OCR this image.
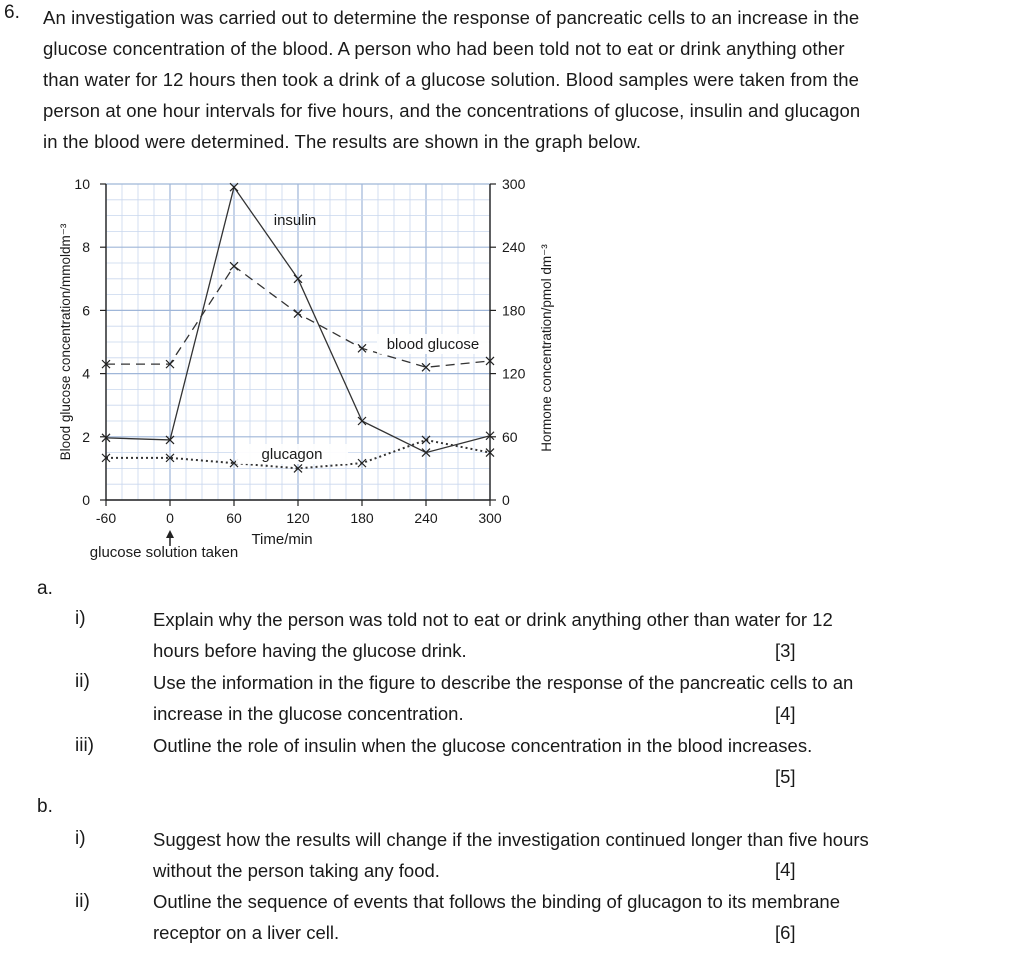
6. An investigation was carried out to determine the response of pancreatic cells to an increase in the

glucose concentration of the blood. A person who had been told not to eat or drink anything other

than water for 12 hours then took a drink of a glucose solution. Blood samples were taken from the

person at one hour intervals for five hours, and the concentrations of glucose, insulin and glucagon

in the blood were determined. The results are shown in the graph below.

-60	0	60	120	180	240	300
0
2
4
6
8
10
0
60
120
180
240
300
Time/min
Blood glucose concentration/mmoldm⁻³	Hormone concentration/pmol dm⁻³
glucose solution taken
insulin
blood glucose
glucagon
a.
i)	Explain why the person was told not to eat or drink anything other than water for 12

hours before having the glucose drink.	[3]
ii)	Use the information in the figure to describe the response of the pancreatic cells to an

increase in the glucose concentration.	[4]
iii)	Outline the role of insulin when the glucose concentration in the blood increases.

[5]
b.
i)	Suggest how the results will change if the investigation continued longer than five hours

without the person taking any food.	[4]
ii)	Outline the sequence of events that follows the binding of glucagon to its membrane

receptor on a liver cell.	[6]
